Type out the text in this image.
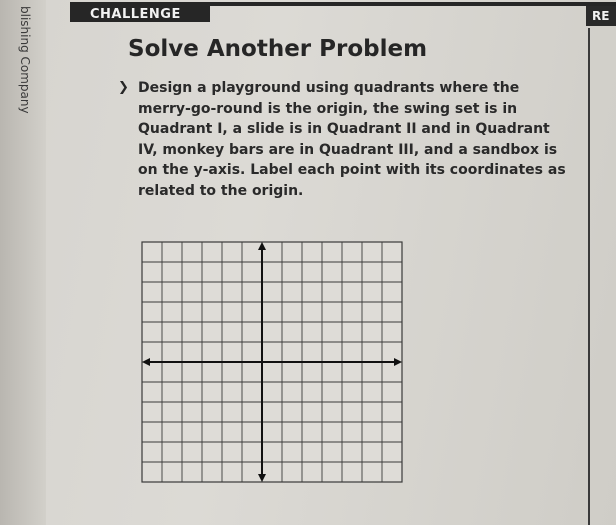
blishing Company	CHALLENGE	RE
Solve Another Problem
❯ Design a playground using quadrants where the merry-go-round is the origin, the swing set is in Quadrant I, a slide is in Quadrant II and in Quadrant IV, monkey bars are in Quadrant III, and a sandbox is on the y-axis. Label each point with its coordinates as related to the origin.
